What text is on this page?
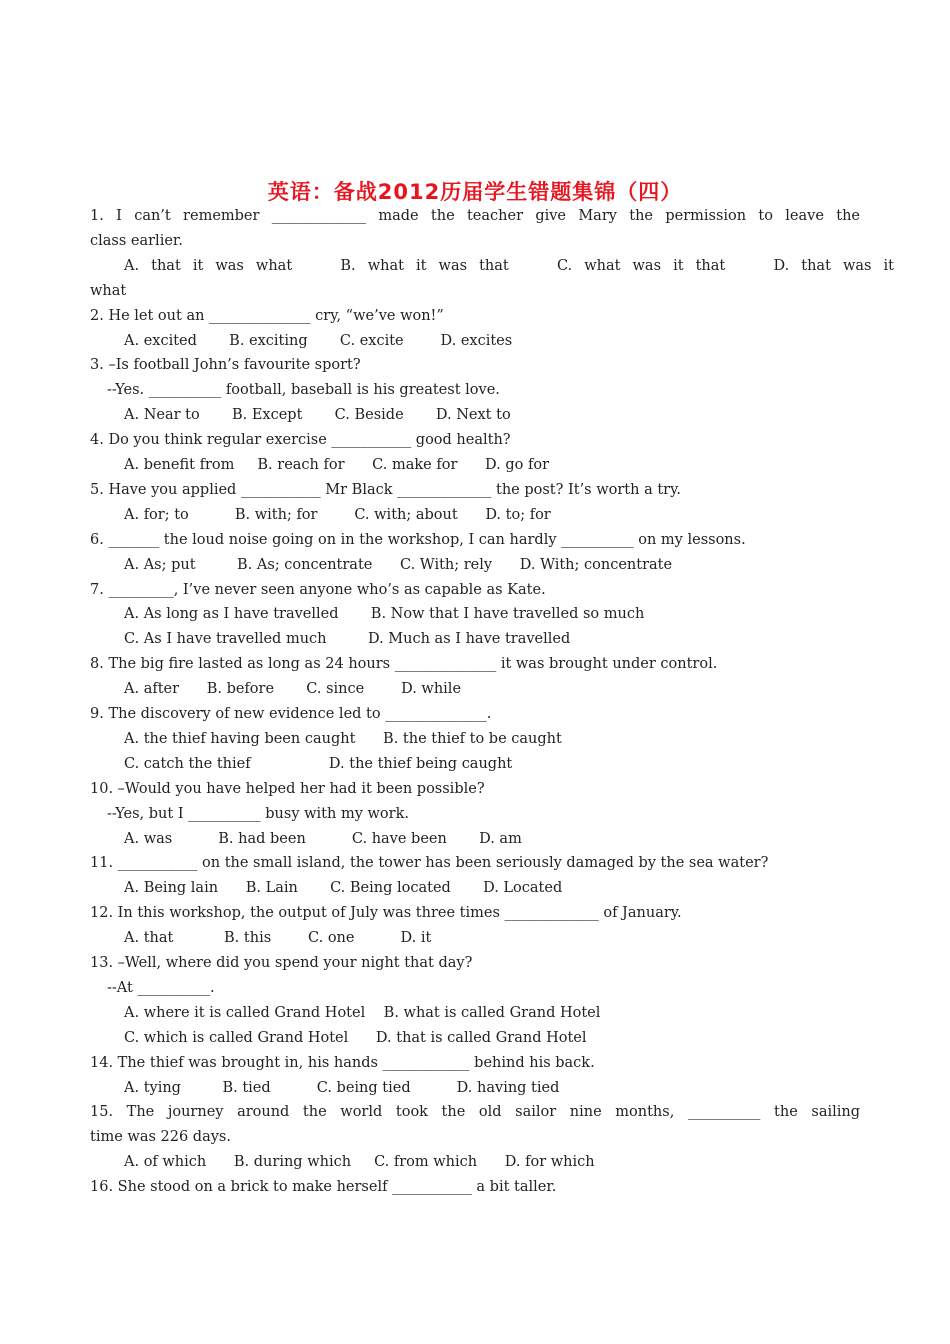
英语：备战2012历届学生错题集锦（四）
1. I can’t remember _____________ made the teacher give Mary the permission to leave the
class earlier.
A. that it was what    B. what it was that    C. what was it that    D. that was it
what
2. He let out an ______________ cry, “we’ve won!”
A. excited       B. exciting       C. excite        D. excites
3. –Is football John’s favourite sport?
--Yes. __________ football, baseball is his greatest love.
A. Near to       B. Except       C. Beside       D. Next to
4. Do you think regular exercise ___________ good health?
A. benefit from     B. reach for      C. make for      D. go for
5. Have you applied ___________ Mr Black _____________ the post? It’s worth a try.
A. for; to          B. with; for        C. with; about      D. to; for
6. _______ the loud noise going on in the workshop, I can hardly __________ on my lessons.
A. As; put         B. As; concentrate      C. With; rely      D. With; concentrate
7. _________, I’ve never seen anyone who’s as capable as Kate.
A. As long as I have travelled       B. Now that I have travelled so much
C. As I have travelled much         D. Much as I have travelled
8. The big fire lasted as long as 24 hours ______________ it was brought under control.
A. after      B. before       C. since        D. while
9. The discovery of new evidence led to ______________.
A. the thief having been caught      B. the thief to be caught
C. catch the thief                 D. the thief being caught
10. –Would you have helped her had it been possible?
--Yes, but I __________ busy with my work.
A. was          B. had been          C. have been       D. am
11. ___________ on the small island, the tower has been seriously damaged by the sea water?
A. Being lain      B. Lain       C. Being located       D. Located
12. In this workshop, the output of July was three times _____________ of January.
A. that           B. this        C. one          D. it
13. –Well, where did you spend your night that day?
--At __________.
A. where it is called Grand Hotel    B. what is called Grand Hotel
C. which is called Grand Hotel      D. that is called Grand Hotel
14. The thief was brought in, his hands ____________ behind his back.
A. tying         B. tied          C. being tied          D. having tied
15. The journey around the world took the old sailor nine months, __________ the sailing
time was 226 days.
A. of which      B. during which     C. from which      D. for which
16. She stood on a brick to make herself ___________ a bit taller.
